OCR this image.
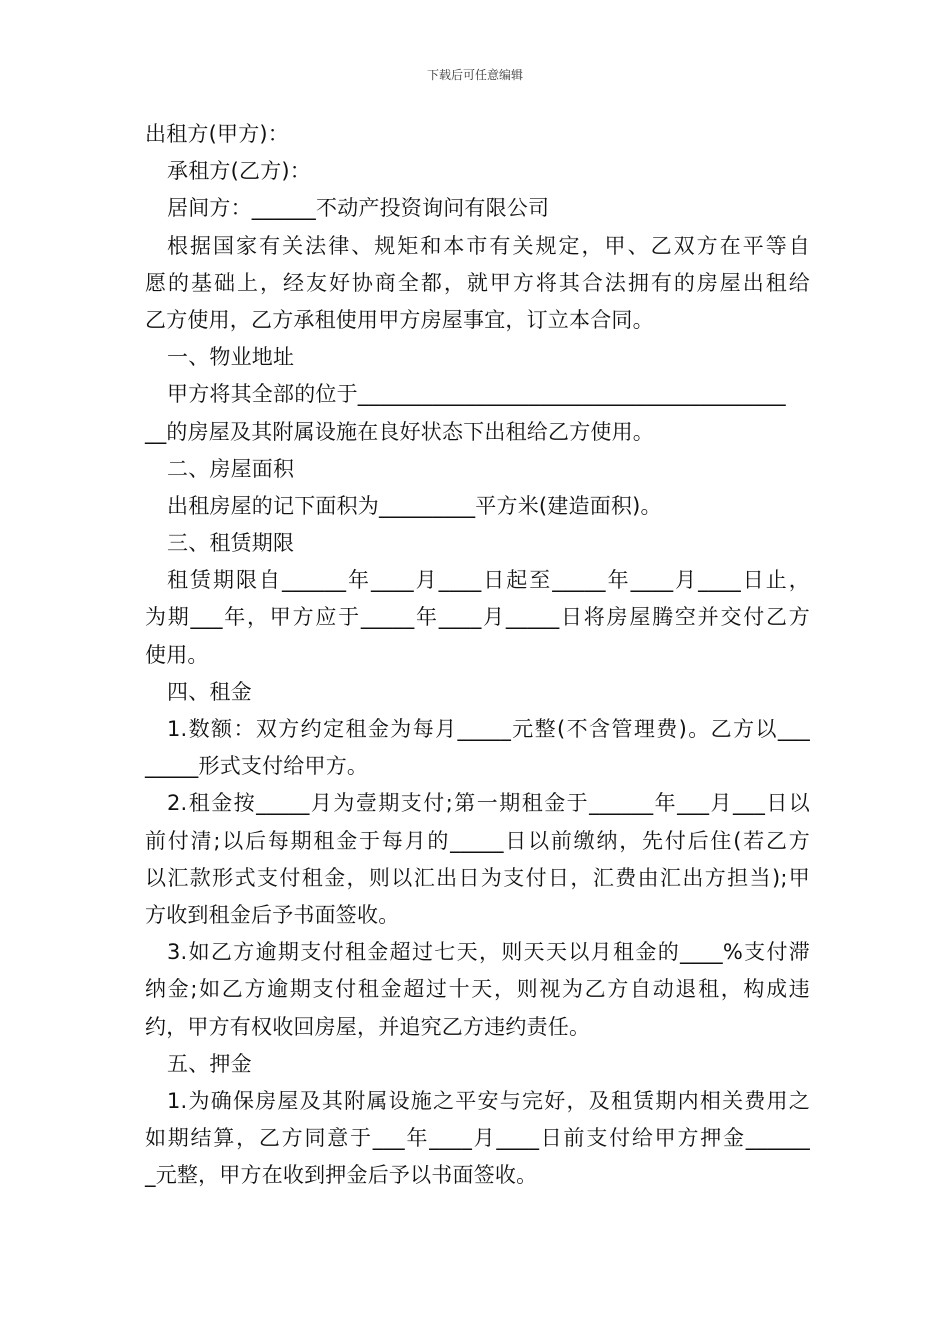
下载后可任意编辑
出租方(甲方)：
承租方(乙方)：
居间方：______不动产投资询问有限公司
根据国家有关法律、规矩和本市有关规定，甲、乙双方在平等自
愿的基础上，经友好协商全都，就甲方将其合法拥有的房屋出租给
乙方使用，乙方承租使用甲方房屋事宜，订立本合同。
一、物业地址
甲方将其全部的位于________________________________________
__的房屋及其附属设施在良好状态下出租给乙方使用。
二、房屋面积
出租房屋的记下面积为_________平方米(建造面积)。
三、租赁期限
租赁期限自______年____月____日起至_____年____月____日止，
为期___年，甲方应于_____年____月_____日将房屋腾空并交付乙方
使用。
四、租金
1.数额：双方约定租金为每月_____元整(不含管理费)。乙方以___
_____形式支付给甲方。
2.租金按_____月为壹期支付;第一期租金于______年___月___日以
前付清;以后每期租金于每月的_____日以前缴纳，先付后住(若乙方
以汇款形式支付租金，则以汇出日为支付日，汇费由汇出方担当);甲
方收到租金后予书面签收。
3.如乙方逾期支付租金超过七天，则天天以月租金的____%支付滞
纳金;如乙方逾期支付租金超过十天，则视为乙方自动退租，构成违
约，甲方有权收回房屋，并追究乙方违约责任。
五、押金
1.为确保房屋及其附属设施之平安与完好，及租赁期内相关费用之
如期结算，乙方同意于___年____月____日前支付给甲方押金______
_元整，甲方在收到押金后予以书面签收。
